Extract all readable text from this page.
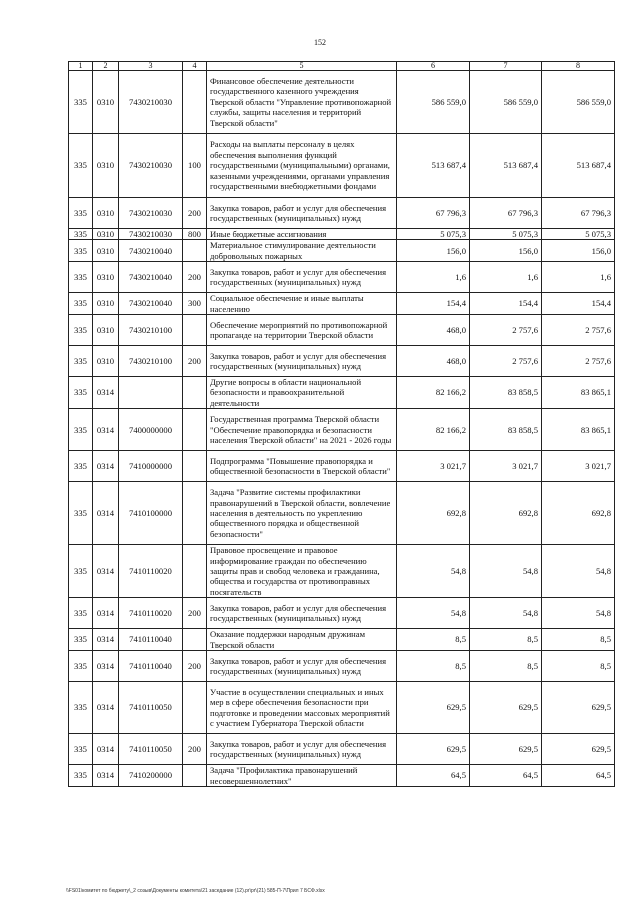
152
1	2	3	4	5	6	7	8
335	0310	7430210030		Финансовое обеспечение деятельности государственного казенного учреждения Тверской области "Управление противопожарной службы, защиты населения и территорий Тверской области"	586 559,0	586 559,0	586 559,0
335	0310	7430210030	100	Расходы на выплаты персоналу в целях обеспечения выполнения функций государственными (муниципальными) органами, казенными учреждениями, органами управления государственными внебюджетными фондами	513 687,4	513 687,4	513 687,4
335	0310	7430210030	200	Закупка товаров, работ и услуг для обеспечения государственных (муниципальных) нужд	67 796,3	67 796,3	67 796,3
335	0310	7430210030	800	Иные бюджетные ассигнования	5 075,3	5 075,3	5 075,3
335	0310	7430210040		Материальное стимулирование деятельности добровольных пожарных	156,0	156,0	156,0
335	0310	7430210040	200	Закупка товаров, работ и услуг для обеспечения государственных (муниципальных) нужд	1,6	1,6	1,6
335	0310	7430210040	300	Социальное обеспечение и иные выплаты населению	154,4	154,4	154,4
335	0310	7430210100		Обеспечение мероприятий по противопожарной пропаганде на территории Тверской области	468,0	2 757,6	2 757,6
335	0310	7430210100	200	Закупка товаров, работ и услуг для обеспечения государственных (муниципальных) нужд	468,0	2 757,6	2 757,6
335	0314			Другие вопросы в области национальной безопасности и правоохранительной деятельности	82 166,2	83 858,5	83 865,1
335	0314	7400000000		Государственная программа Тверской области "Обеспечение правопорядка и безопасности населения Тверской области" на 2021 - 2026 годы	82 166,2	83 858,5	83 865,1
335	0314	7410000000		Подпрограмма "Повышение правопорядка и общественной безопасности в Тверской области"	3 021,7	3 021,7	3 021,7
335	0314	7410100000		Задача "Развитие системы профилактики правонарушений в Тверской области, вовлечение населения в деятельность по укреплению общественного порядка и общественной безопасности"	692,8	692,8	692,8
335	0314	7410110020		Правовое просвещение и правовое информирование граждан по обеспечению защиты прав и свобод человека и гражданина, общества и государства от противоправных посягательств	54,8	54,8	54,8
335	0314	7410110020	200	Закупка товаров, работ и услуг для обеспечения государственных (муниципальных) нужд	54,8	54,8	54,8
335	0314	7410110040		Оказание поддержки народным дружинам Тверской области	8,5	8,5	8,5
335	0314	7410110040	200	Закупка товаров, работ и услуг для обеспечения государственных (муниципальных) нужд	8,5	8,5	8,5
335	0314	7410110050		Участие в осуществлении специальных и иных мер в сфере обеспечения безопасности при подготовке и проведении массовых мероприятий с участием Губернатора Тверской области	629,5	629,5	629,5
335	0314	7410110050	200	Закупка товаров, работ и услуг для обеспечения государственных (муниципальных) нужд	629,5	629,5	629,5
335	0314	7410200000		Задача "Профилактика правонарушений несовершеннолетних"	64,5	64,5	64,5
\\FS01\комитет по бюджету\_2 созыв\Документы комитета\21 заседание (12).pr\pr\(21) 585-П-7\Прил 7 БСФ.xlsx
